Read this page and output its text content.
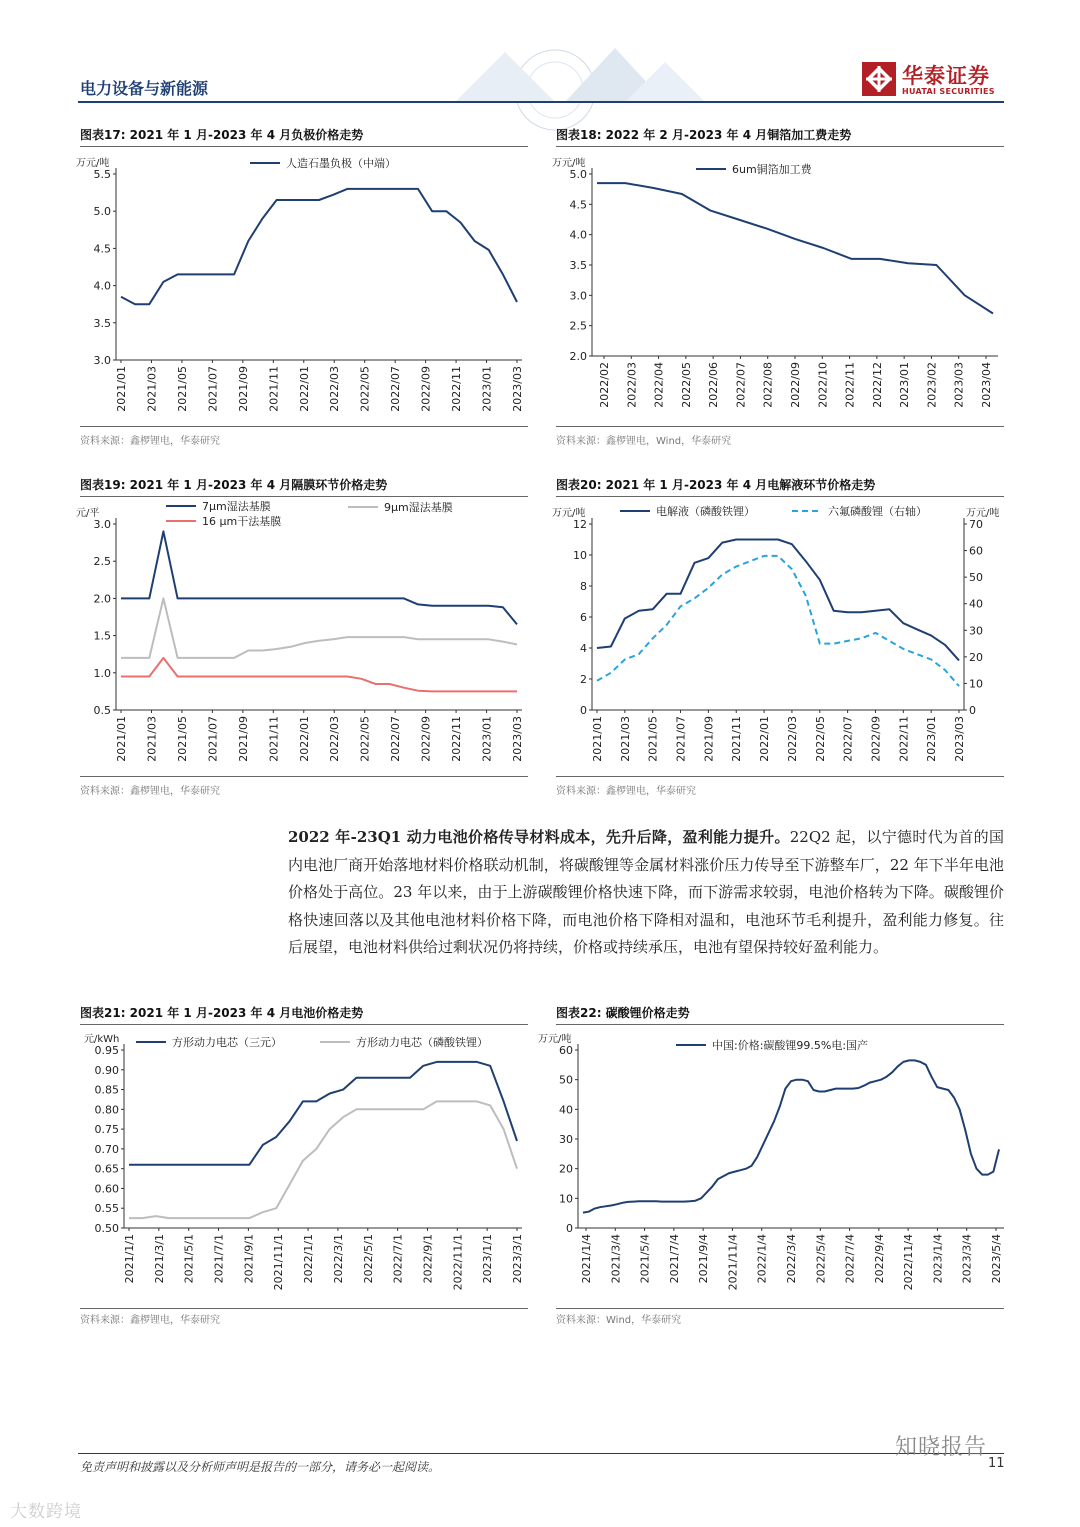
电力设备与新能源
华泰证券
HUATAI SECURITIES
图表17: 2021 年 1 月-2023 年 4 月负极价格走势
3.0
3.5
4.0
4.5
5.0
5.5
万元/吨
2021/01 2021/03 2021/05 2021/07 2021/09 2021/11 2022/01 2022/03 2022/05 2022/07 2022/09 2022/11 2023/01 2023/03
人造石墨负极（中端）
资料来源：鑫椤锂电，华泰研究
图表18: 2022 年 2 月-2023 年 4 月铜箔加工费走势
2.0
2.5
3.0
3.5
4.0
4.5
5.0
万元/吨
2022/02 2022/03 2022/04 2022/05 2022/06 2022/07 2022/08 2022/09 2022/10 2022/11 2022/12 2023/01 2023/02 2023/03 2023/04
6um铜箔加工费
资料来源：鑫椤锂电，Wind，华泰研究
图表19: 2021 年 1 月-2023 年 4 月隔膜环节价格走势
0.5
1.0
1.5
2.0
2.5
3.0
元/平
2021/01 2021/03 2021/05 2021/07 2021/09 2021/11 2022/01 2022/03 2022/05 2022/07 2022/09 2022/11 2023/01 2023/03
7μm湿法基膜	9μm湿法基膜
16 μm干法基膜
资料来源：鑫椤锂电，华泰研究
图表20: 2021 年 1 月-2023 年 4 月电解液环节价格走势
0
2
4
6
8
10
12
0
10
20
30
40
50
60
70
万元/吨
万元/吨
2021/01 2021/03 2021/05 2021/07 2021/09 2021/11 2022/01 2022/03 2022/05 2022/07 2022/09 2022/11 2023/01 2023/03
电解液（磷酸铁锂）	六氟磷酸锂（右轴）
资料来源：鑫椤锂电，华泰研究

2022 年-23Q1 动力电池价格传导材料成本，先升后降，盈利能力提升。22Q2 起，以宁德时代为首的国内电池厂商开始落地材料价格联动机制，将碳酸锂等金属材料涨价压力传导至下游整车厂，22 年下半年电池价格处于高位。23 年以来，由于上游碳酸锂价格快速下降，而下游需求较弱，电池价格转为下降。碳酸锂价格快速回落以及其他电池材料价格下降，而电池价格下降相对温和，电池环节毛利提升，盈利能力修复。往后展望，电池材料供给过剩状况仍将持续，价格或持续承压，电池有望保持较好盈利能力。

图表21: 2021 年 1 月-2023 年 4 月电池价格走势
0.50
0.55
0.60
0.65
0.70
0.75
0.80
0.85
0.90
0.95
元/kWh
2021/1/1 2021/3/1 2021/5/1 2021/7/1 2021/9/1 2021/11/1 2022/1/1 2022/3/1 2022/5/1 2022/7/1 2022/9/1 2022/11/1 2023/1/1 2023/3/1
方形动力电芯（三元）	方形动力电芯（磷酸铁锂）
资料来源：鑫椤锂电，华泰研究
图表22: 碳酸锂价格走势
0
10
20
30
40
50
60
万元/吨
2021/1/4 2021/3/4 2021/5/4 2021/7/4 2021/9/4 2021/11/4 2022/1/4 2022/3/4 2022/5/4 2022/7/4 2022/9/4 2022/11/4 2023/1/4 2023/3/4 2023/5/4
中国:价格:碳酸锂99.5%电:国产
资料来源：Wind，华泰研究
免责声明和披露以及分析师声明是报告的一部分，请务必一起阅读。	11
知晓报告
大数跨境
